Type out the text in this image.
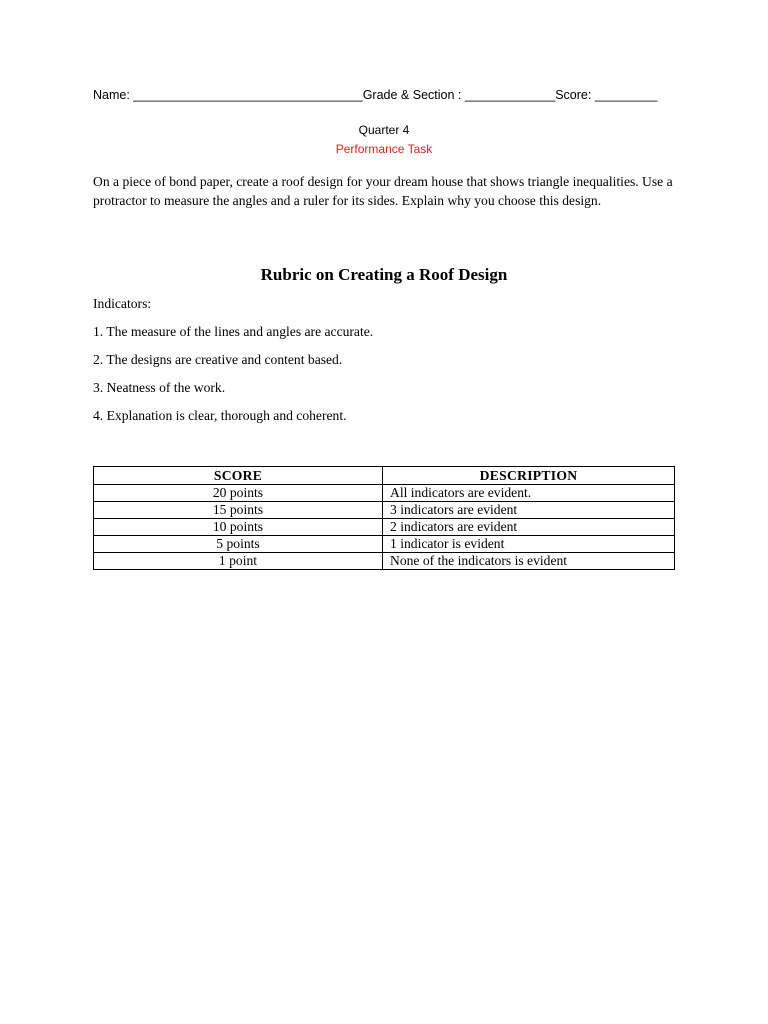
Name: _________________________________Grade & Section : _____________Score: _________
Quarter 4
Performance Task
On a piece of bond paper, create a roof design for your dream house that shows triangle inequalities. Use a protractor to measure the angles and a ruler for its sides. Explain why you choose this design.
Rubric on Creating a Roof Design
Indicators:
1. The measure of the lines and angles are accurate.
2. The designs are creative and content based.
3. Neatness of the work.
4. Explanation is clear, thorough and coherent.
SCORE	DESCRIPTION
20 points	All indicators are evident.
15 points	3 indicators are evident
10 points	2 indicators are evident
5 points	1 indicator is evident
1 point	None of the indicators is evident
